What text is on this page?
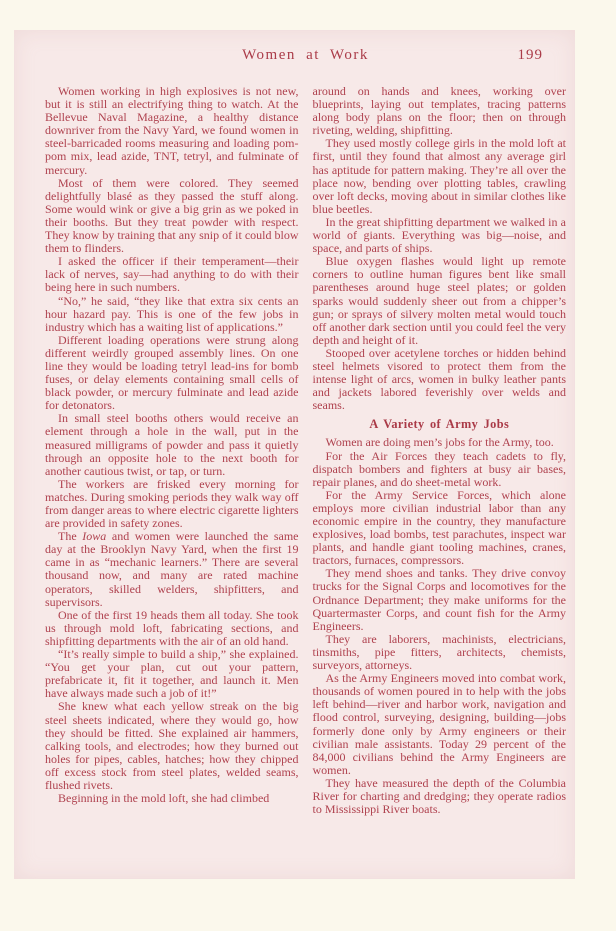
Women at Work	199

Women working in high explosives is not new, but it is still an electrifying thing to watch. At the Bellevue Naval Magazine, a healthy distance downriver from the Navy Yard, we found women in steel-barricaded rooms measuring and loading pom-pom mix, lead azide, TNT, tetryl, and fulminate of mercury.

Most of them were colored. They seemed delightfully blasé as they passed the stuff along. Some would wink or give a big grin as we poked in their booths. But they treat powder with respect. They know by training that any snip of it could blow them to flinders.

I asked the officer if their temperament—their lack of nerves, say—had anything to do with their being here in such numbers.

“No,” he said, “they like that extra six cents an hour hazard pay. This is one of the few jobs in industry which has a waiting list of applications.”

Different loading operations were strung along different weirdly grouped assembly lines. On one line they would be loading tetryl lead-ins for bomb fuses, or delay elements containing small cells of black powder, or mercury fulminate and lead azide for detonators.

In small steel booths others would receive an element through a hole in the wall, put in the measured milligrams of powder and pass it quietly through an opposite hole to the next booth for another cautious twist, or tap, or turn.

The workers are frisked every morning for matches. During smoking periods they walk way off from danger areas to where electric cigarette lighters are provided in safety zones.

The Iowa and women were launched the same day at the Brooklyn Navy Yard, when the first 19 came in as “mechanic learners.” There are several thousand now, and many are rated machine operators, skilled welders, shipfitters, and supervisors.

One of the first 19 heads them all today. She took us through mold loft, fabricating sections, and shipfitting departments with the air of an old hand.

“It’s really simple to build a ship,” she explained. “You get your plan, cut out your pattern, prefabricate it, fit it together, and launch it. Men have always made such a job of it!”

She knew what each yellow streak on the big steel sheets indicated, where they would go, how they should be fitted. She explained air hammers, calking tools, and electrodes; how they burned out holes for pipes, cables, hatches; how they chipped off excess stock from steel plates, welded seams, flushed rivets.

Beginning in the mold loft, she had climbed

around on hands and knees, working over blueprints, laying out templates, tracing patterns along body plans on the floor; then on through riveting, welding, shipfitting.

They used mostly college girls in the mold loft at first, until they found that almost any average girl has aptitude for pattern making. They’re all over the place now, bending over plotting tables, crawling over loft decks, moving about in similar clothes like blue beetles.

In the great shipfitting department we walked in a world of giants. Everything was big—noise, and space, and parts of ships.

Blue oxygen flashes would light up remote corners to outline human figures bent like small parentheses around huge steel plates; or golden sparks would suddenly sheer out from a chipper’s gun; or sprays of silvery molten metal would touch off another dark section until you could feel the very depth and height of it.

Stooped over acetylene torches or hidden behind steel helmets visored to protect them from the intense light of arcs, women in bulky leather pants and jackets labored feverishly over welds and seams.

A Variety of Army Jobs

Women are doing men’s jobs for the Army, too.

For the Air Forces they teach cadets to fly, dispatch bombers and fighters at busy air bases, repair planes, and do sheet-metal work.

For the Army Service Forces, which alone employs more civilian industrial labor than any economic empire in the country, they manufacture explosives, load bombs, test parachutes, inspect war plants, and handle giant tooling machines, cranes, tractors, furnaces, compressors.

They mend shoes and tanks. They drive convoy trucks for the Signal Corps and locomotives for the Ordnance Department; they make uniforms for the Quartermaster Corps, and count fish for the Army Engineers.

They are laborers, machinists, electricians, tinsmiths, pipe fitters, architects, chemists, surveyors, attorneys.

As the Army Engineers moved into combat work, thousands of women poured in to help with the jobs left behind—river and harbor work, navigation and flood control, surveying, designing, building—jobs formerly done only by Army engineers or their civilian male assistants. Today 29 percent of the 84,000 civilians behind the Army Engineers are women.

They have measured the depth of the Columbia River for charting and dredging; they operate radios to Mississippi River boats.
